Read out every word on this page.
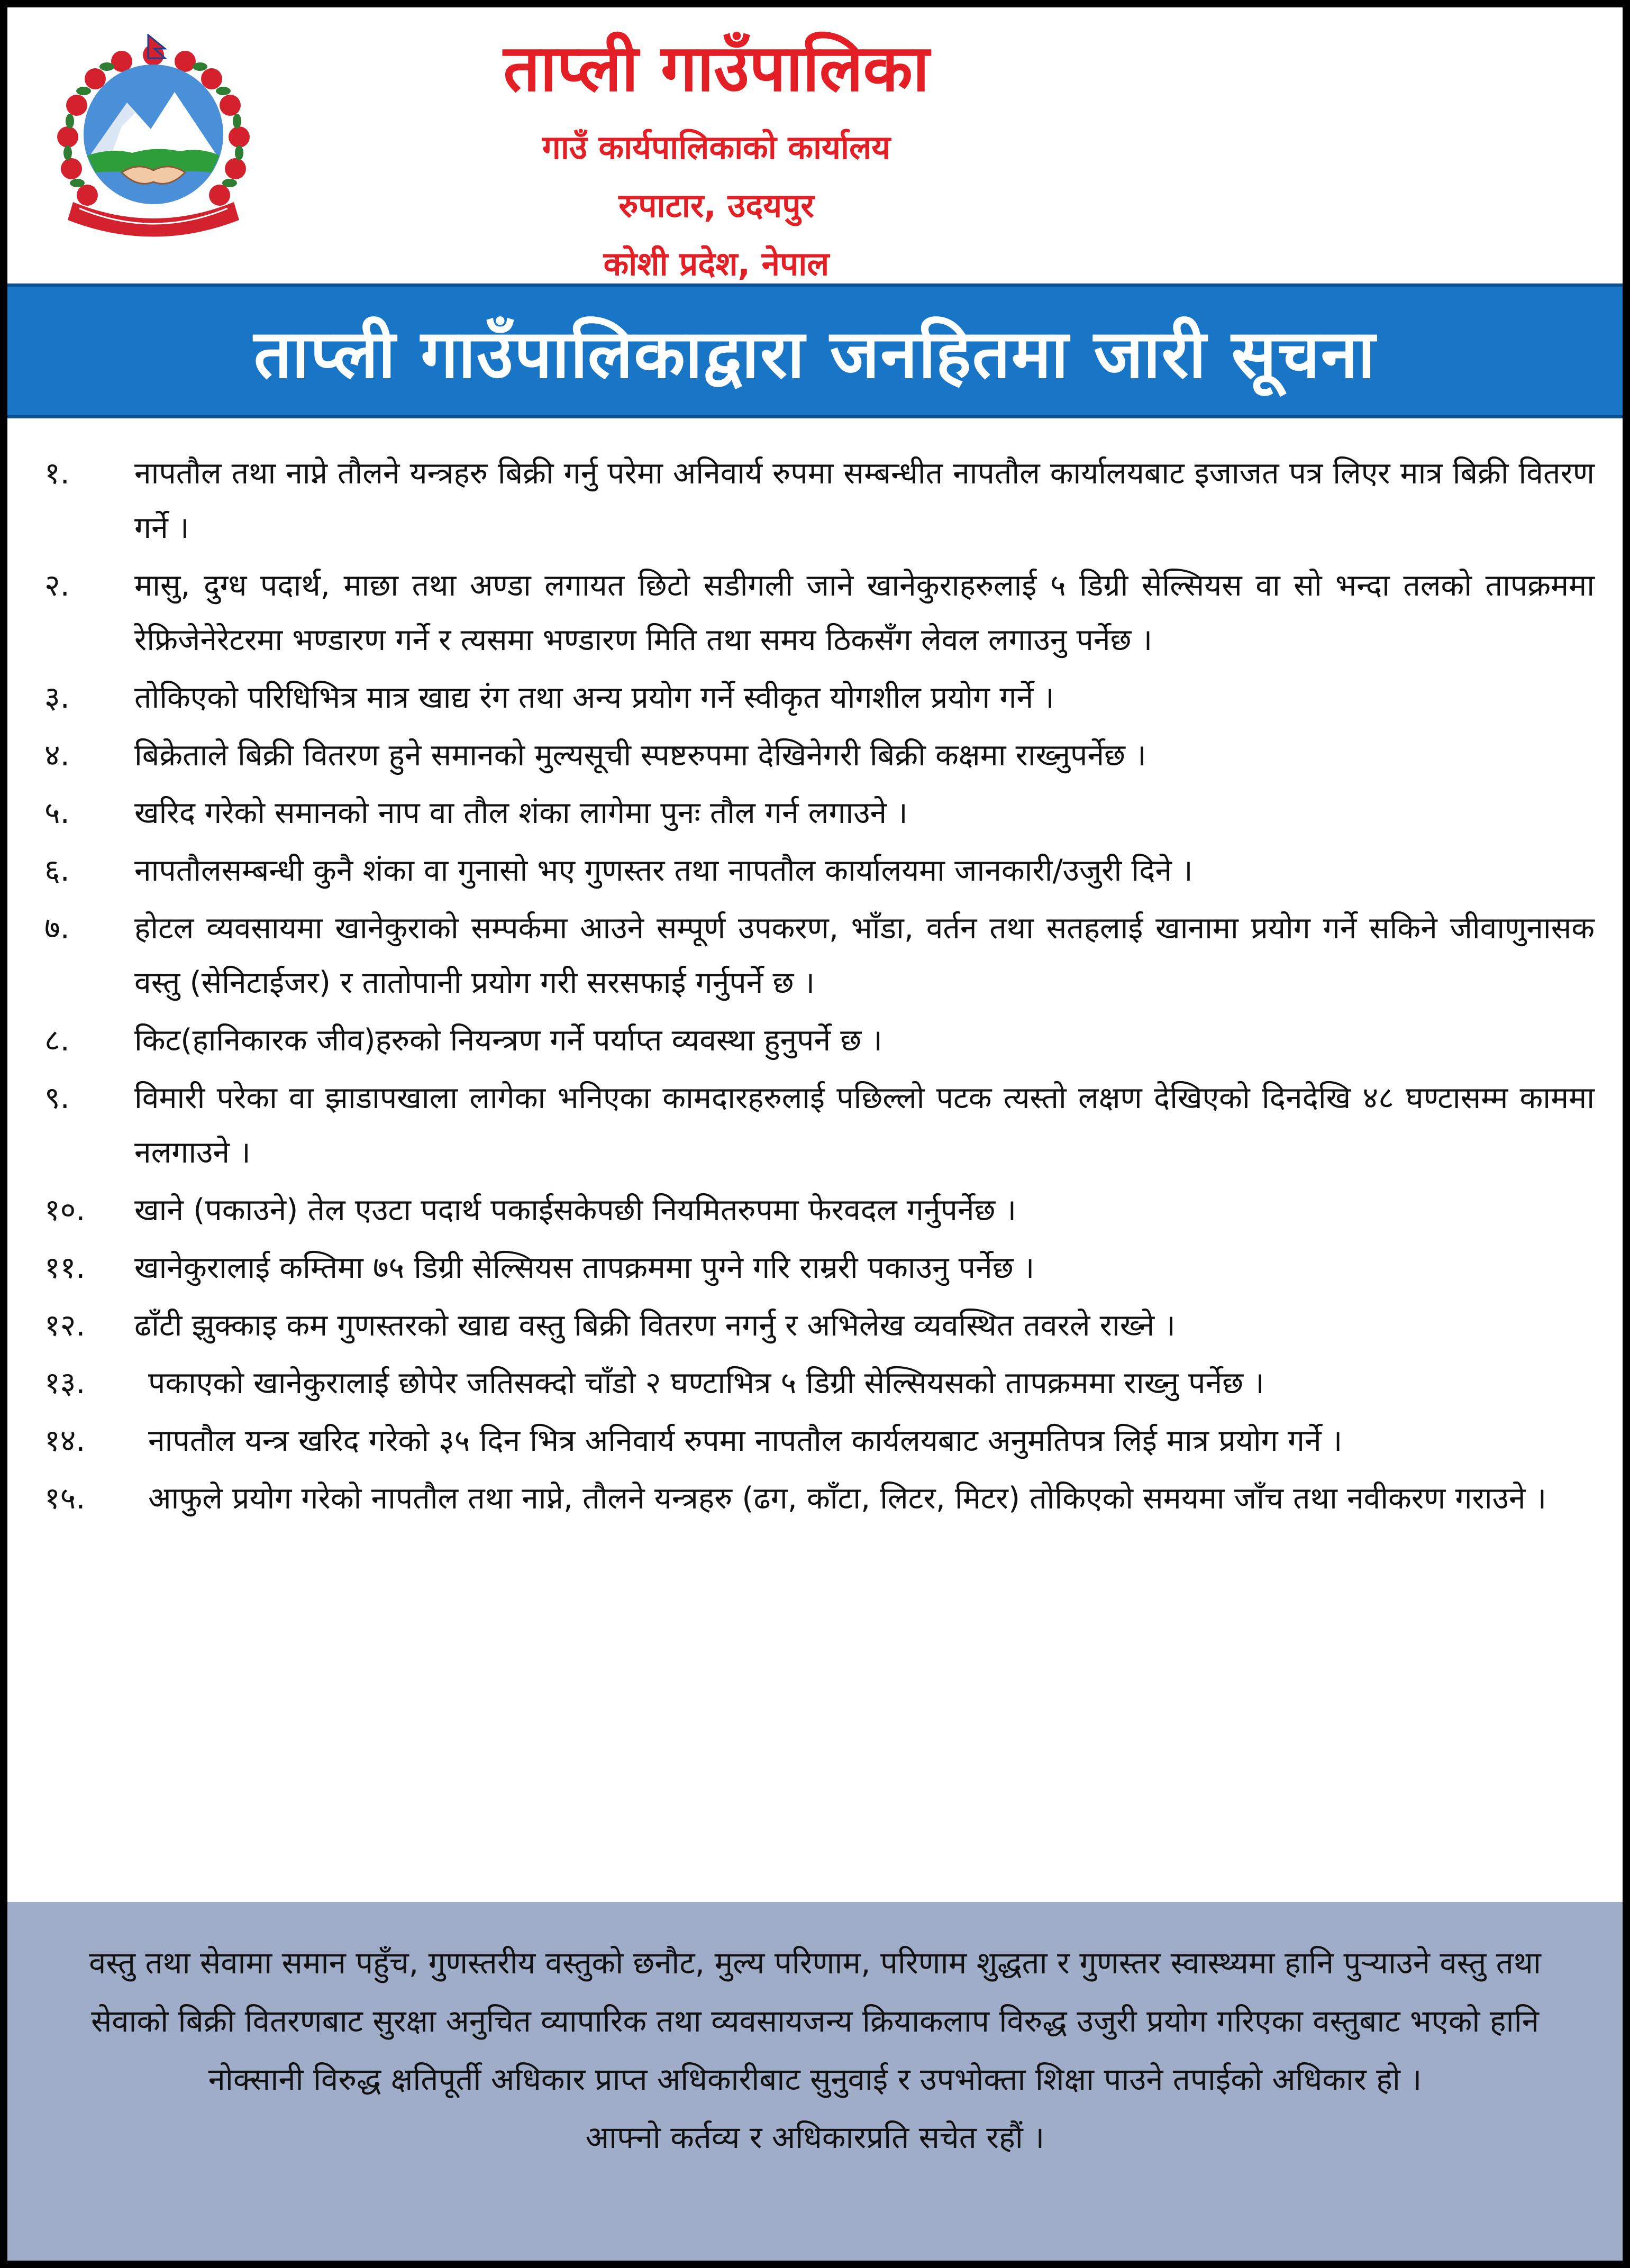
ताप्ली गाउँपालिका
गाउँ कार्यपालिकाको कार्यालय
रुपाटार, उदयपुर
कोशी प्रदेश, नेपाल
ताप्ली गाउँपालिकाद्वारा जनहितमा जारी सूचना
१.	नापतौल तथा नाप्ने तौलने यन्त्रहरु बिक्री गर्नु परेमा अनिवार्य रुपमा सम्बन्धीत नापतौल कार्यालयबाट इजाजत पत्र लिएर मात्र बिक्री वितरण गर्ने ।
२.	मासु, दुग्ध पदार्थ, माछा तथा अण्डा लगायत छिटो सडीगली जाने खानेकुराहरुलाई ५ डिग्री सेल्सियस वा सो भन्दा तलको तापक्रममा रेफ्रिजेनेरेटरमा भण्डारण गर्ने र त्यसमा भण्डारण मिति तथा समय ठिकसँग लेवल लगाउनु पर्नेछ ।
३.	तोकिएको परिधिभित्र मात्र खाद्य रंग तथा अन्य प्रयोग गर्ने स्वीकृत योगशील प्रयोग गर्ने ।
४.	बिक्रेताले बिक्री वितरण हुने समानको मुल्यसूची स्पष्टरुपमा देखिनेगरी बिक्री कक्षमा राख्नुपर्नेछ ।
५.	खरिद गरेको समानको नाप वा तौल शंका लागेमा पुनः तौल गर्न लगाउने ।
६.	नापतौलसम्बन्धी कुनै शंका वा गुनासो भए गुणस्तर तथा नापतौल कार्यालयमा जानकारी/उजुरी दिने ।
७.	होटल व्यवसायमा खानेकुराको सम्पर्कमा आउने सम्पूर्ण उपकरण, भाँडा, वर्तन तथा सतहलाई खानामा प्रयोग गर्ने सकिने जीवाणुनासक वस्तु (सेनिटाईजर) र तातोपानी प्रयोग गरी सरसफाई गर्नुपर्ने छ ।
८.	किट(हानिकारक जीव)हरुको नियन्त्रण गर्ने पर्याप्त व्यवस्था हुनुपर्ने छ ।
९.	विमारी परेका वा झाडापखाला लागेका भनिएका कामदारहरुलाई पछिल्लो पटक त्यस्तो लक्षण देखिएको दिनदेखि ४८ घण्टासम्म काममा नलगाउने ।
१०.	खाने (पकाउने) तेल एउटा पदार्थ पकाईसकेपछी नियमितरुपमा फेरवदल गर्नुपर्नेछ ।
११.	खानेकुरालाई कम्तिमा ७५ डिग्री सेल्सियस तापक्रममा पुग्ने गरि राम्ररी पकाउनु पर्नेछ ।
१२.	ढाँटी झुक्काइ कम गुणस्तरको खाद्य वस्तु बिक्री वितरण नगर्नु र अभिलेख व्यवस्थित तवरले राख्ने ।
१३.	पकाएको खानेकुरालाई छोपेर जतिसक्दो चाँडो २ घण्टाभित्र ५ डिग्री सेल्सियसको तापक्रममा राख्नु पर्नेछ ।
१४.	नापतौल यन्त्र खरिद गरेको ३५ दिन भित्र अनिवार्य रुपमा नापतौल कार्यलयबाट अनुमतिपत्र लिई मात्र प्रयोग गर्ने ।
१५.	आफुले प्रयोग गरेको नापतौल तथा नाप्ने, तौलने यन्त्रहरु (ढग, काँटा, लिटर, मिटर) तोकिएको समयमा जाँच तथा नवीकरण गराउने ।

वस्तु तथा सेवामा समान पहुँच, गुणस्तरीय वस्तुको छनौट, मुल्य परिणाम, परिणाम शुद्धता र गुणस्तर स्वास्थ्यमा हानि पुऱ्याउने वस्तु तथा सेवाको बिक्री वितरणबाट सुरक्षा अनुचित व्यापारिक तथा व्यवसायजन्य क्रियाकलाप विरुद्ध उजुरी प्रयोग गरिएका वस्तुबाट भएको हानि नोक्सानी विरुद्ध क्षतिपूर्ती अधिकार प्राप्त अधिकारीबाट सुनुवाई र उपभोक्ता शिक्षा पाउने तपाईको अधिकार हो ।

आफ्नो कर्तव्य र अधिकारप्रति सचेत रहौं ।
